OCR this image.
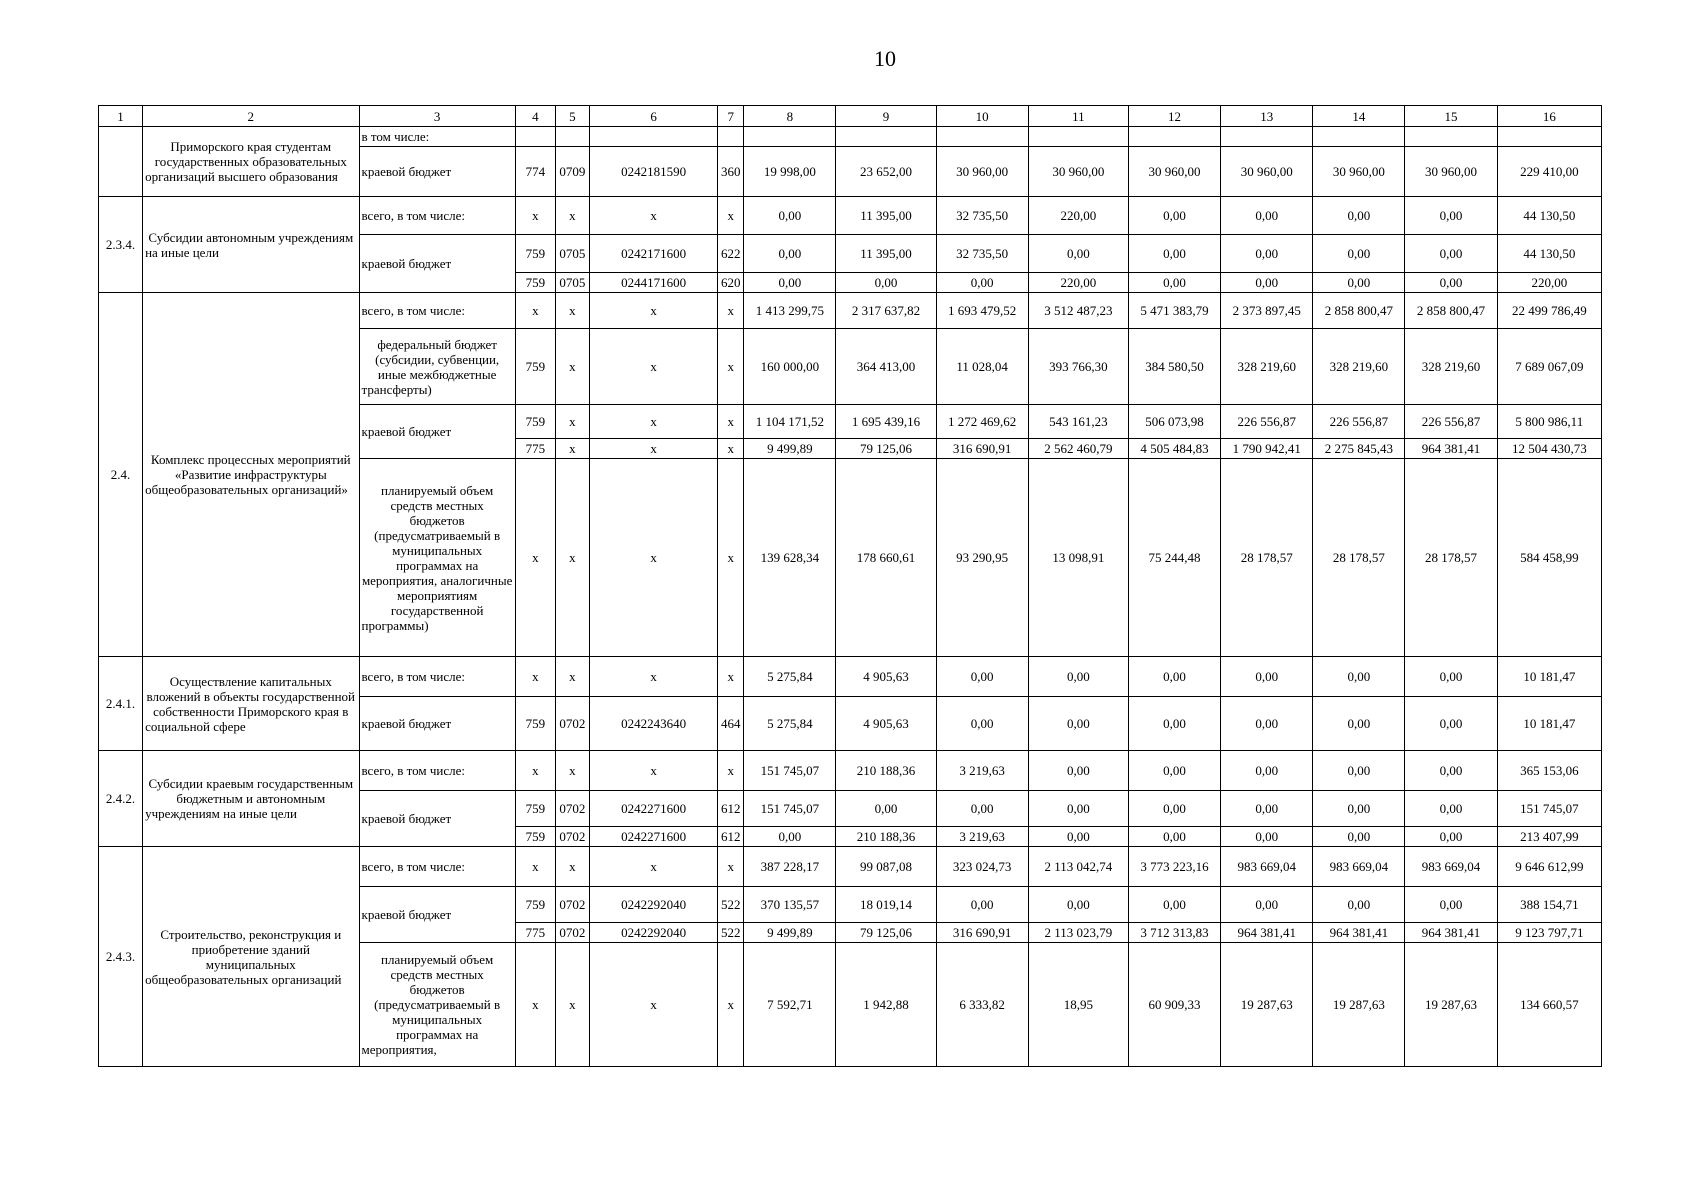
10
1	2	3	4	5	6	7	8	9	10	11	12	13	14	15	16
	Приморского края студентам государственных образовательных организаций высшего образования	в том числе:													
		краевой бюджет	774	0709	0242181590	360	19 998,00	23 652,00	30 960,00	30 960,00	30 960,00	30 960,00	30 960,00	30 960,00	229 410,00
2.3.4.	Субсидии автономным учреждениям на иные цели	всего, в том числе:	x	x	x	x	0,00	11 395,00	32 735,50	220,00	0,00	0,00	0,00	0,00	44 130,50
		краевой бюджет	759	0705	0242171600	622	0,00	11 395,00	32 735,50	0,00	0,00	0,00	0,00	0,00	44 130,50
			759	0705	0244171600	620	0,00	0,00	0,00	220,00	0,00	0,00	0,00	0,00	220,00
2.4.	Комплекс процессных мероприятий «Развитие инфраструктуры общеобразовательных организаций»	всего, в том числе:	x	x	x	x	1 413 299,75	2 317 637,82	1 693 479,52	3 512 487,23	5 471 383,79	2 373 897,45	2 858 800,47	2 858 800,47	22 499 786,49
		федеральный бюджет (субсидии, субвенции, иные межбюджетные трансферты)	759	x	x	x	160 000,00	364 413,00	11 028,04	393 766,30	384 580,50	328 219,60	328 219,60	328 219,60	7 689 067,09
		краевой бюджет	759	x	x	x	1 104 171,52	1 695 439,16	1 272 469,62	543 161,23	506 073,98	226 556,87	226 556,87	226 556,87	5 800 986,11
			775	x	x	x	9 499,89	79 125,06	316 690,91	2 562 460,79	4 505 484,83	1 790 942,41	2 275 845,43	964 381,41	12 504 430,73
		планируемый объем средств местных бюджетов (предусматриваемый в муниципальных программах на мероприятия, аналогичные мероприятиям государственной программы)	x	x	x	x	139 628,34	178 660,61	93 290,95	13 098,91	75 244,48	28 178,57	28 178,57	28 178,57	584 458,99
2.4.1.	Осуществление капитальных вложений в объекты государственной собственности Приморского края в социальной сфере	всего, в том числе:	x	x	x	x	5 275,84	4 905,63	0,00	0,00	0,00	0,00	0,00	0,00	10 181,47
		краевой бюджет	759	0702	0242243640	464	5 275,84	4 905,63	0,00	0,00	0,00	0,00	0,00	0,00	10 181,47
2.4.2.	Субсидии краевым государственным бюджетным и автономным учреждениям на иные цели	всего, в том числе:	x	x	x	x	151 745,07	210 188,36	3 219,63	0,00	0,00	0,00	0,00	0,00	365 153,06
		краевой бюджет	759	0702	0242271600	612	151 745,07	0,00	0,00	0,00	0,00	0,00	0,00	0,00	151 745,07
			759	0702	0242271600	612	0,00	210 188,36	3 219,63	0,00	0,00	0,00	0,00	0,00	213 407,99
2.4.3.	Строительство, реконструкция и приобретение зданий муниципальных общеобразовательных организаций	всего, в том числе:	x	x	x	x	387 228,17	99 087,08	323 024,73	2 113 042,74	3 773 223,16	983 669,04	983 669,04	983 669,04	9 646 612,99
		краевой бюджет	759	0702	0242292040	522	370 135,57	18 019,14	0,00	0,00	0,00	0,00	0,00	0,00	388 154,71
			775	0702	0242292040	522	9 499,89	79 125,06	316 690,91	2 113 023,79	3 712 313,83	964 381,41	964 381,41	964 381,41	9 123 797,71
		планируемый объем средств местных бюджетов (предусматриваемый в муниципальных программах на мероприятия,	x	x	x	x	7 592,71	1 942,88	6 333,82	18,95	60 909,33	19 287,63	19 287,63	19 287,63	134 660,57
